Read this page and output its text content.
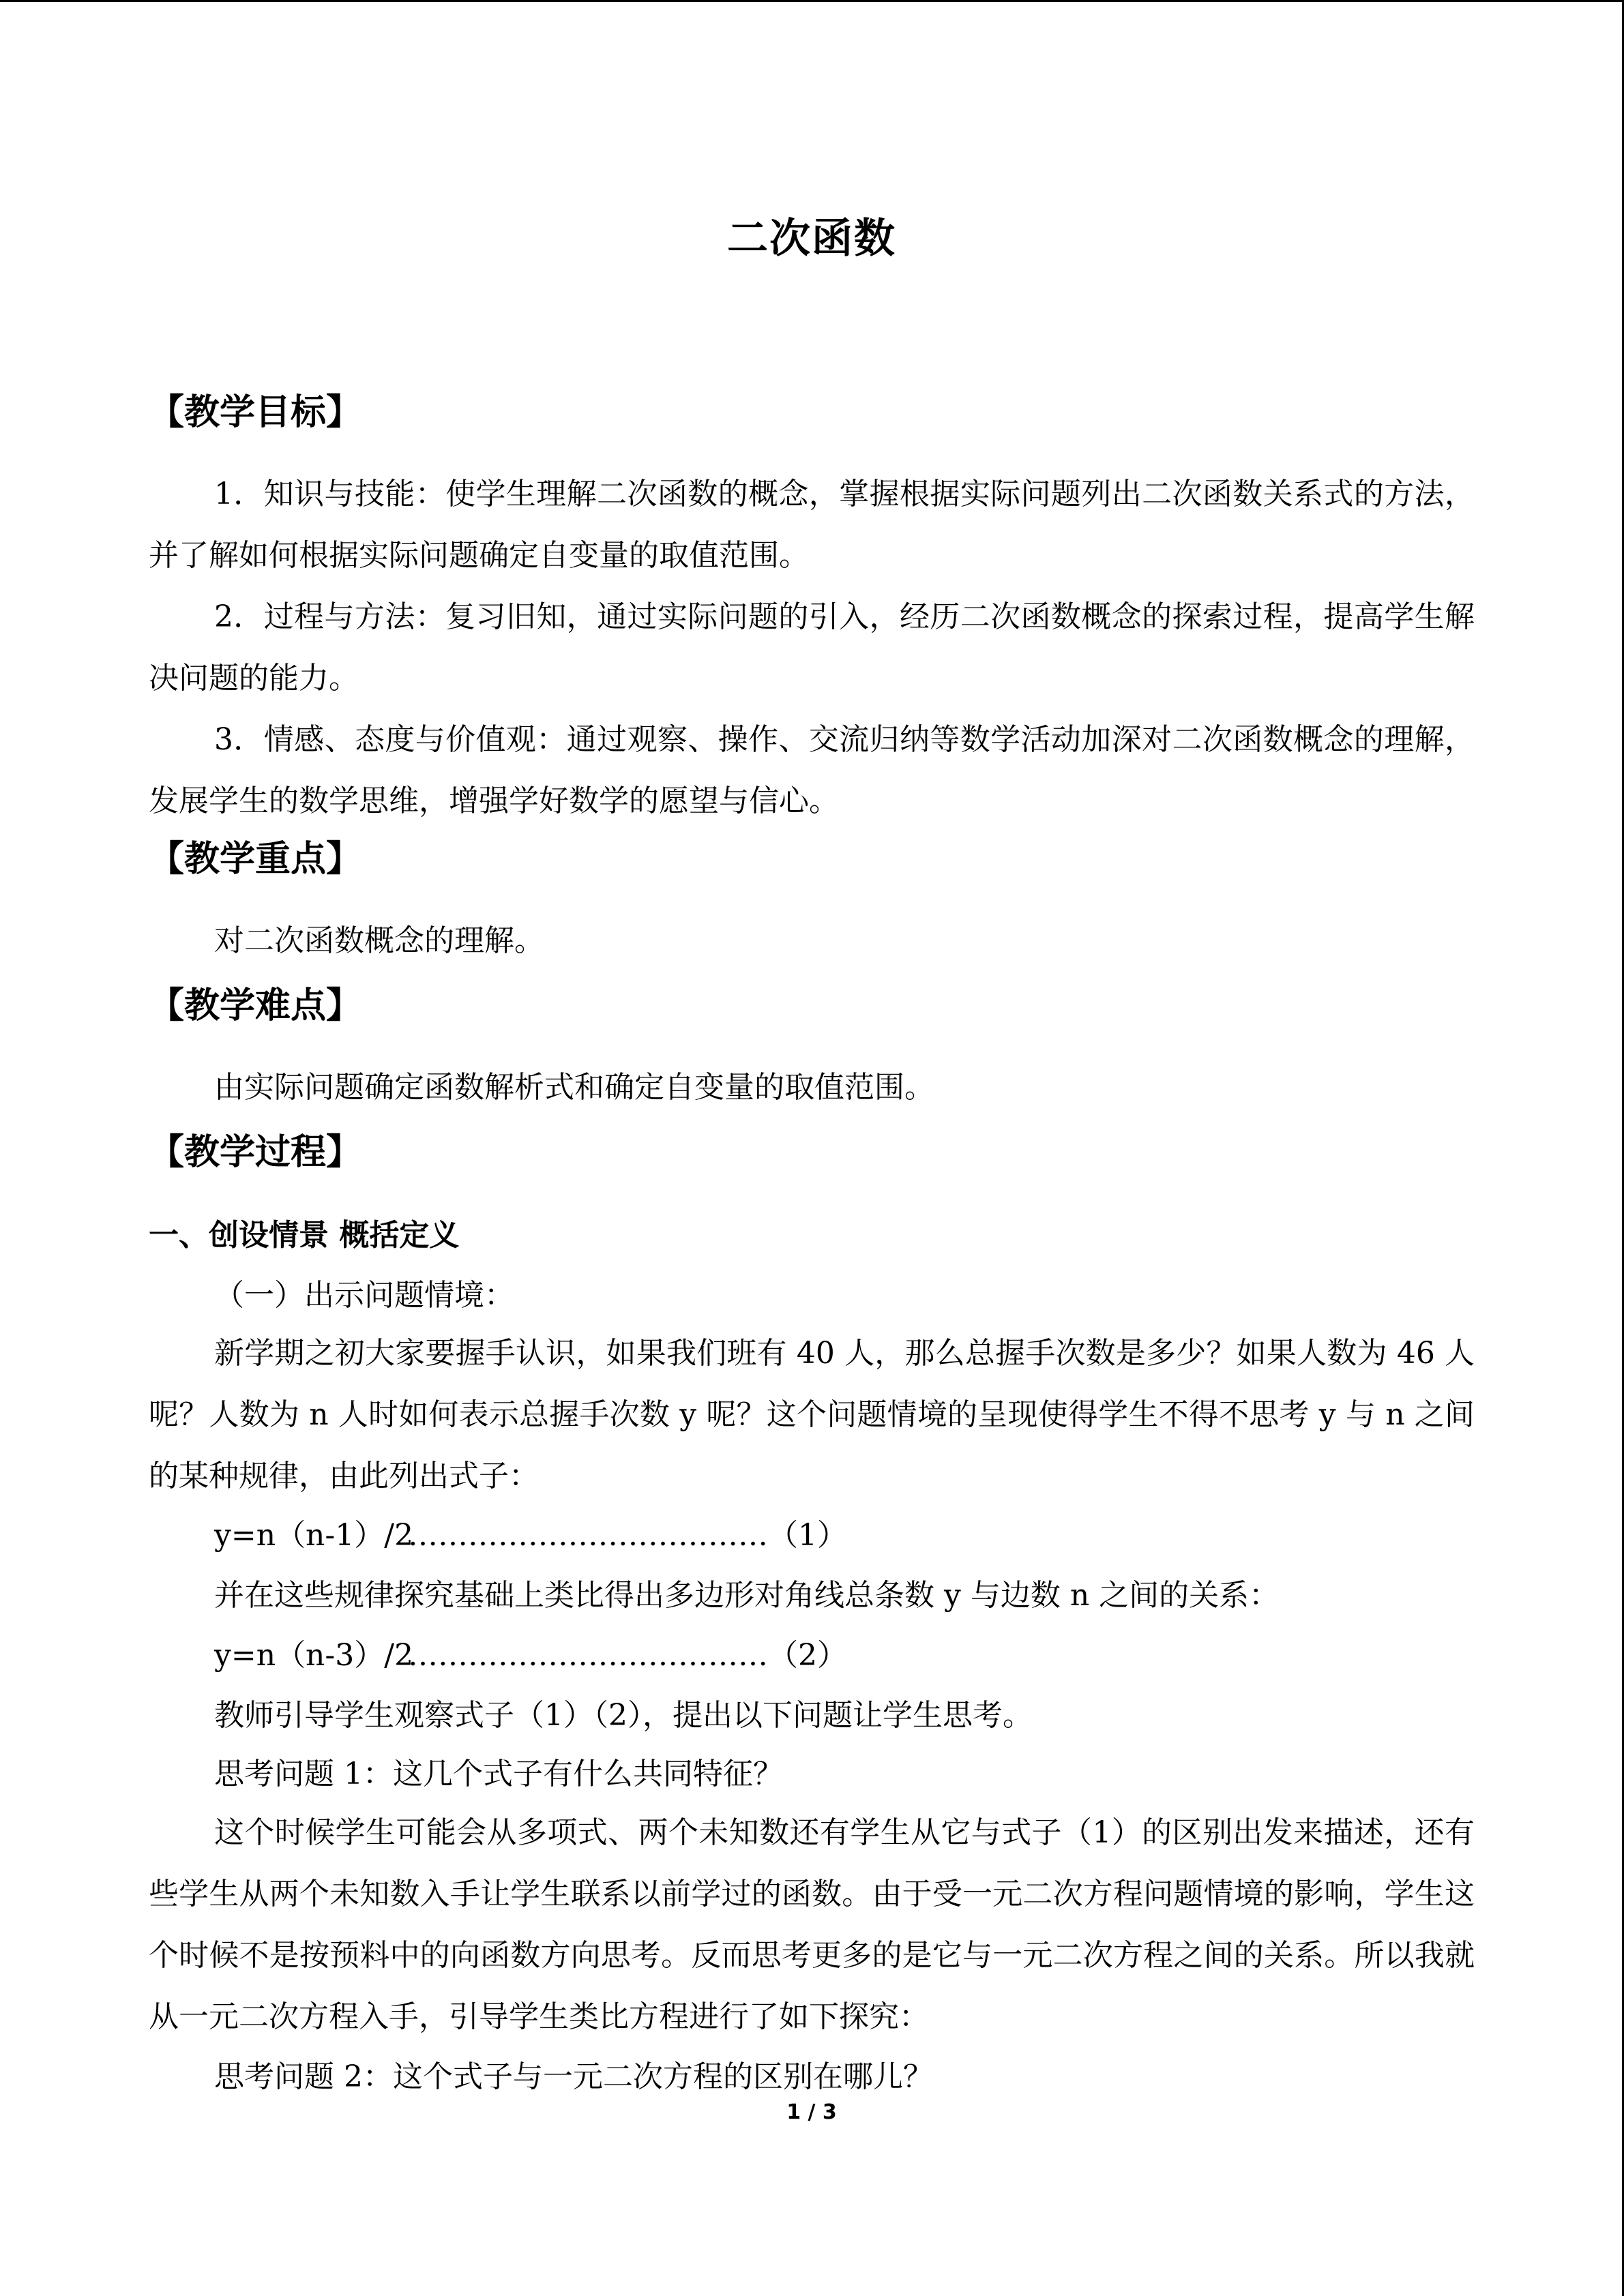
二次函数
【教学目标】

1．知识与技能：使学生理解二次函数的概念，掌握根据实际问题列出二次函数关系式的方法，并了解如何根据实际问题确定自变量的取值范围。

2．过程与方法：复习旧知，通过实际问题的引入，经历二次函数概念的探索过程，提高学生解决问题的能力。

3．情感、态度与价值观：通过观察、操作、交流归纳等数学活动加深对二次函数概念的理解，发展学生的数学思维，增强学好数学的愿望与信心。

【教学重点】
对二次函数概念的理解。
【教学难点】
由实际问题确定函数解析式和确定自变量的取值范围。
【教学过程】
一、创设情景 概括定义
（一）出示问题情境：

新学期之初大家要握手认识，如果我们班有 40 人，那么总握手次数是多少？如果人数为 46 人呢？人数为 n 人时如何表示总握手次数 y 呢？这个问题情境的呈现使得学生不得不思考 y 与 n 之间的某种规律，由此列出式子：

y=n（n-1）/2
………………………………（1）
并在这些规律探究基础上类比得出多边形对角线总条数 y 与边数 n 之间的关系：
y=n（n-3）/2
………………………………（2）
教师引导学生观察式子（1）（2），提出以下问题让学生思考。
思考问题 1：这几个式子有什么共同特征？

这个时候学生可能会从多项式、两个未知数还有学生从它与式子（1）的区别出发来描述，还有些学生从两个未知数入手让学生联系以前学过的函数。由于受一元二次方程问题情境的影响，学生这个时候不是按预料中的向函数方向思考。反而思考更多的是它与一元二次方程之间的关系。所以我就从一元二次方程入手，引导学生类比方程进行了如下探究：

思考问题 2：这个式子与一元二次方程的区别在哪儿？
1 / 3
